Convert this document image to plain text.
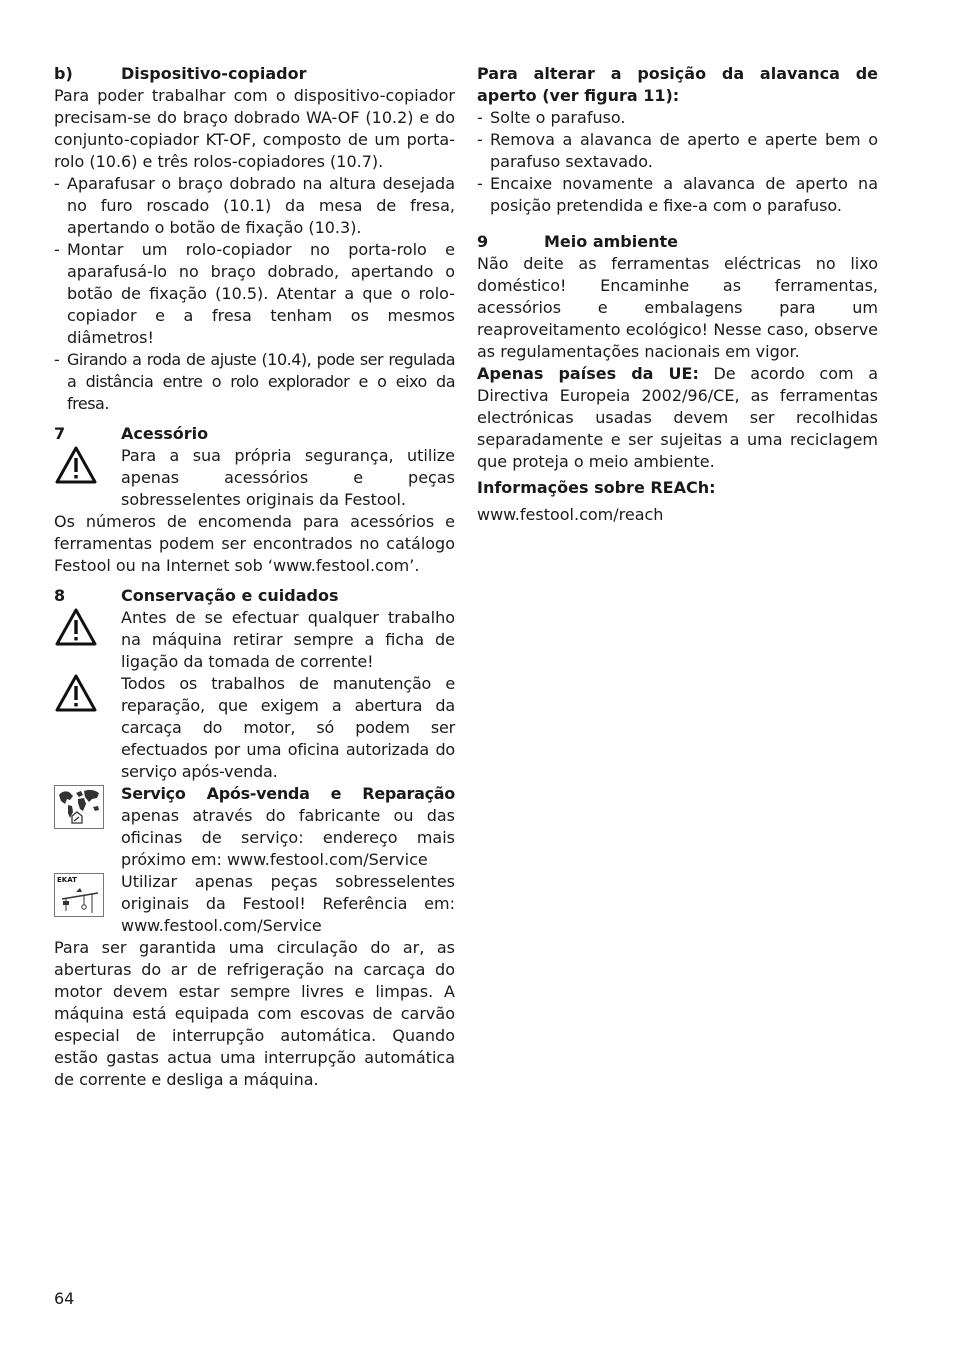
b)	Dispositivo-copiador

Para poder trabalhar com o dispositivo-copiador precisam-se do braço dobrado WA-OF (10.2) e do conjunto-copiador KT-OF, composto de um porta-rolo (10.6) e três rolos-copiadores (10.7).

- Aparafusar o braço dobrado na altura desejada no furo roscado (10.1) da mesa de fresa, apertando o botão de fixação (10.3).
- Montar um rolo-copiador no porta-rolo e aparafusá-lo no braço dobrado, apertando o botão de fixação (10.5). Atentar a que o rolo-copiador e a fresa tenham os mesmos diâmetros!
- Girando a roda de ajuste (10.4), pode ser regulada a distância entre o rolo explorador e o eixo da fresa.
7	Acessório

Para a sua própria segurança, utilize apenas acessórios e peças sobresselentes originais da Festool.

Os números de encomenda para acessórios e ferramentas podem ser encontrados no catálogo Festool ou na Internet sob ‘www.festool.com’.

8	Conservação e cuidados

Antes de se efectuar qualquer trabalho na máquina retirar sempre a ficha de ligação da tomada de corrente!

Todos os trabalhos de manutenção e reparação, que exigem a abertura da carcaça do motor, só podem ser efectuados por uma oficina autorizada do serviço após-venda.

Serviço Após-venda e Reparação apenas através do fabricante ou das oficinas de serviço: endereço mais próximo em: www.festool.com/Service

EKAT	Utilizar apenas peças sobresselentes originais da Festool! Referência em: www.festool.com/Service

Para ser garantida uma circulação do ar, as aberturas do ar de refrigeração na carcaça do motor devem estar sempre livres e limpas. A máquina está equipada com escovas de carvão especial de interrupção automática. Quando estão gastas actua uma interrupção automática de corrente e desliga a máquina.

Para alterar a posição da alavanca de aperto (ver figura 11):

- Solte o parafuso.
- Remova a alavanca de aperto e aperte bem o parafuso sextavado.
- Encaixe novamente a alavanca de aperto na posição pretendida e fixe-a com o parafuso.
9	Meio ambiente

Não deite as ferramentas eléctricas no lixo doméstico! Encaminhe as ferramentas, acessórios e embalagens para um reaproveitamento ecológico! Nesse caso, observe as regulamentações nacionais em vigor.

Apenas países da UE: De acordo com a Directiva Europeia 2002/96/CE, as ferramentas electrónicas usadas devem ser recolhidas separadamente e ser sujeitas a uma reciclagem que proteja o meio ambiente.

Informações sobre REACh:

www.festool.com/reach

64
